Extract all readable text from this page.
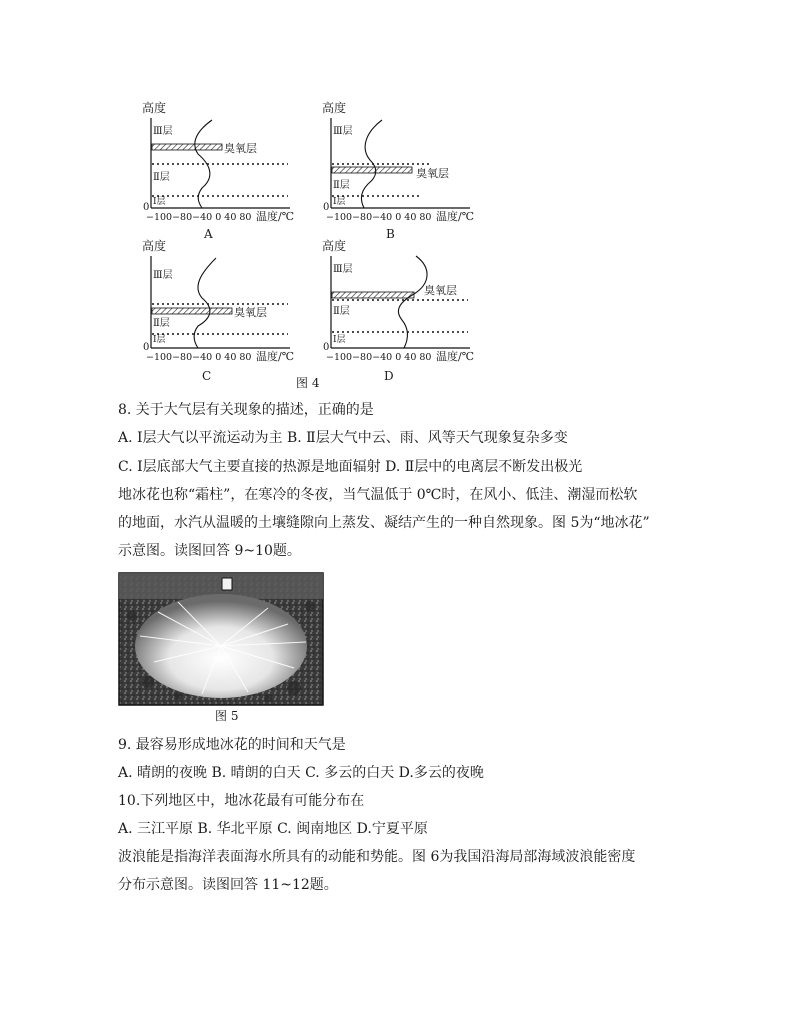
高度
0
Ⅲ层
Ⅱ层
Ⅰ层
臭氧层
−100−80−40 0 40 80 温度/℃
A
高度
0
Ⅲ层
Ⅱ层
Ⅰ层
臭氧层
−100−80−40 0 40 80 温度/℃
B
高度
0
Ⅲ层
Ⅱ层
Ⅰ层
臭氧层
−100−80−40 0 40 80 温度/℃
C
高度
0
Ⅲ层
Ⅱ层
Ⅰ层
臭氧层
−100−80−40 0 40 80 温度/℃
D
图 4
8. 关于大气层有关现象的描述，正确的是
A. Ⅰ层大气以平流运动为主 B. Ⅱ层大气中云、雨、风等天气现象复杂多变
C. Ⅰ层底部大气主要直接的热源是地面辐射 D. Ⅱ层中的电离层不断发出极光
地冰花也称“霜柱”，在寒冷的冬夜，当气温低于 0℃时，在风小、低洼、潮湿而松软
的地面，水汽从温暖的土壤缝隙向上蒸发、凝结产生的一种自然现象。图 5为“地冰花”
示意图。读图回答 9~10题。
图 5
9. 最容易形成地冰花的时间和天气是
A. 晴朗的夜晚 B. 晴朗的白天 C. 多云的白天 D.多云的夜晚
10.下列地区中，地冰花最有可能分布在
A. 三江平原 B. 华北平原 C. 闽南地区 D.宁夏平原
波浪能是指海洋表面海水所具有的动能和势能。图 6为我国沿海局部海域波浪能密度
分布示意图。读图回答 11~12题。
